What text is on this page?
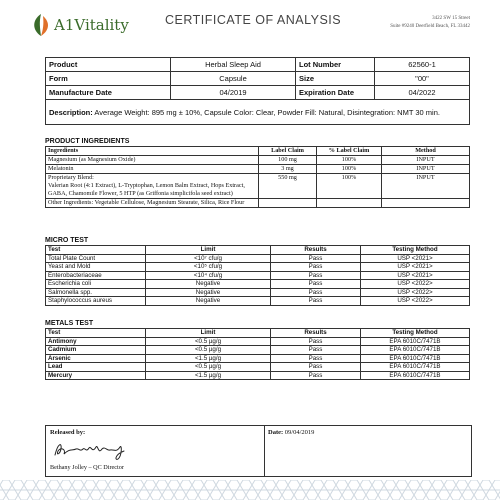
A1Vitality	CERTIFICATE OF ANALYSIS	3422 SW 15 Street
Suite #9240 Deerfield Beach, FL 33442
Product	Herbal Sleep Aid	Lot Number	62560-1
Form	Capsule	Size	"00"
Manufacture Date	04/2019	Expiration Date	04/2022
Description: Average Weight: 895 mg ± 10%, Capsule Color: Clear, Powder Fill: Natural, Disintegration: NMT 30 min.			
PRODUCT INGREDIENTS
Ingredients	Label Claim	% Label Claim	Method
Magnesium (as Magnesium Oxide)	100 mg	100%	INPUT
Melatonin	3 mg	100%	INPUT
Proprietary Blend:
Valerian Root (4:1 Extract), L-Tryptophan, Lemon Balm Extract, Hops Extract, GABA, Chamomile Flower, 5 HTP (as Griffonia simplicifola seed extract)	550 mg	100%	INPUT
Other Ingredients: Vegetable Cellulose, Magnesium Stearate, Silica, Rice Flour			
MICRO TEST
Test	Limit	Results	Testing Method
Total Plate Count	<10⁷ cfu/g	Pass	USP <2021>
Yeast and Mold	<10⁵ cfu/g	Pass	USP <2021>
Enterobacteriaceae	<10⁴ cfu/g	Pass	USP <2021>
Escherichia coli	Negative	Pass	USP <2022>
Salmonella spp.	Negative	Pass	USP <2022>
Staphylococcus aureus	Negative	Pass	USP <2022>
METALS TEST
Test	Limit	Results	Testing Method
Antimony	<0.5 µg/g	Pass	EPA 6010C/7471B
Cadmium	<0.5 µg/g	Pass	EPA 6010C/7471B
Arsenic	<1.5 µg/g	Pass	EPA 6010C/7471B
Lead	<0.5 µg/g	Pass	EPA 6010C/7471B
Mercury	<1.5 µg/g	Pass	EPA 6010C/7471B
Released by:
Bethany Jolley – QC Director
Date: 09/04/2019
